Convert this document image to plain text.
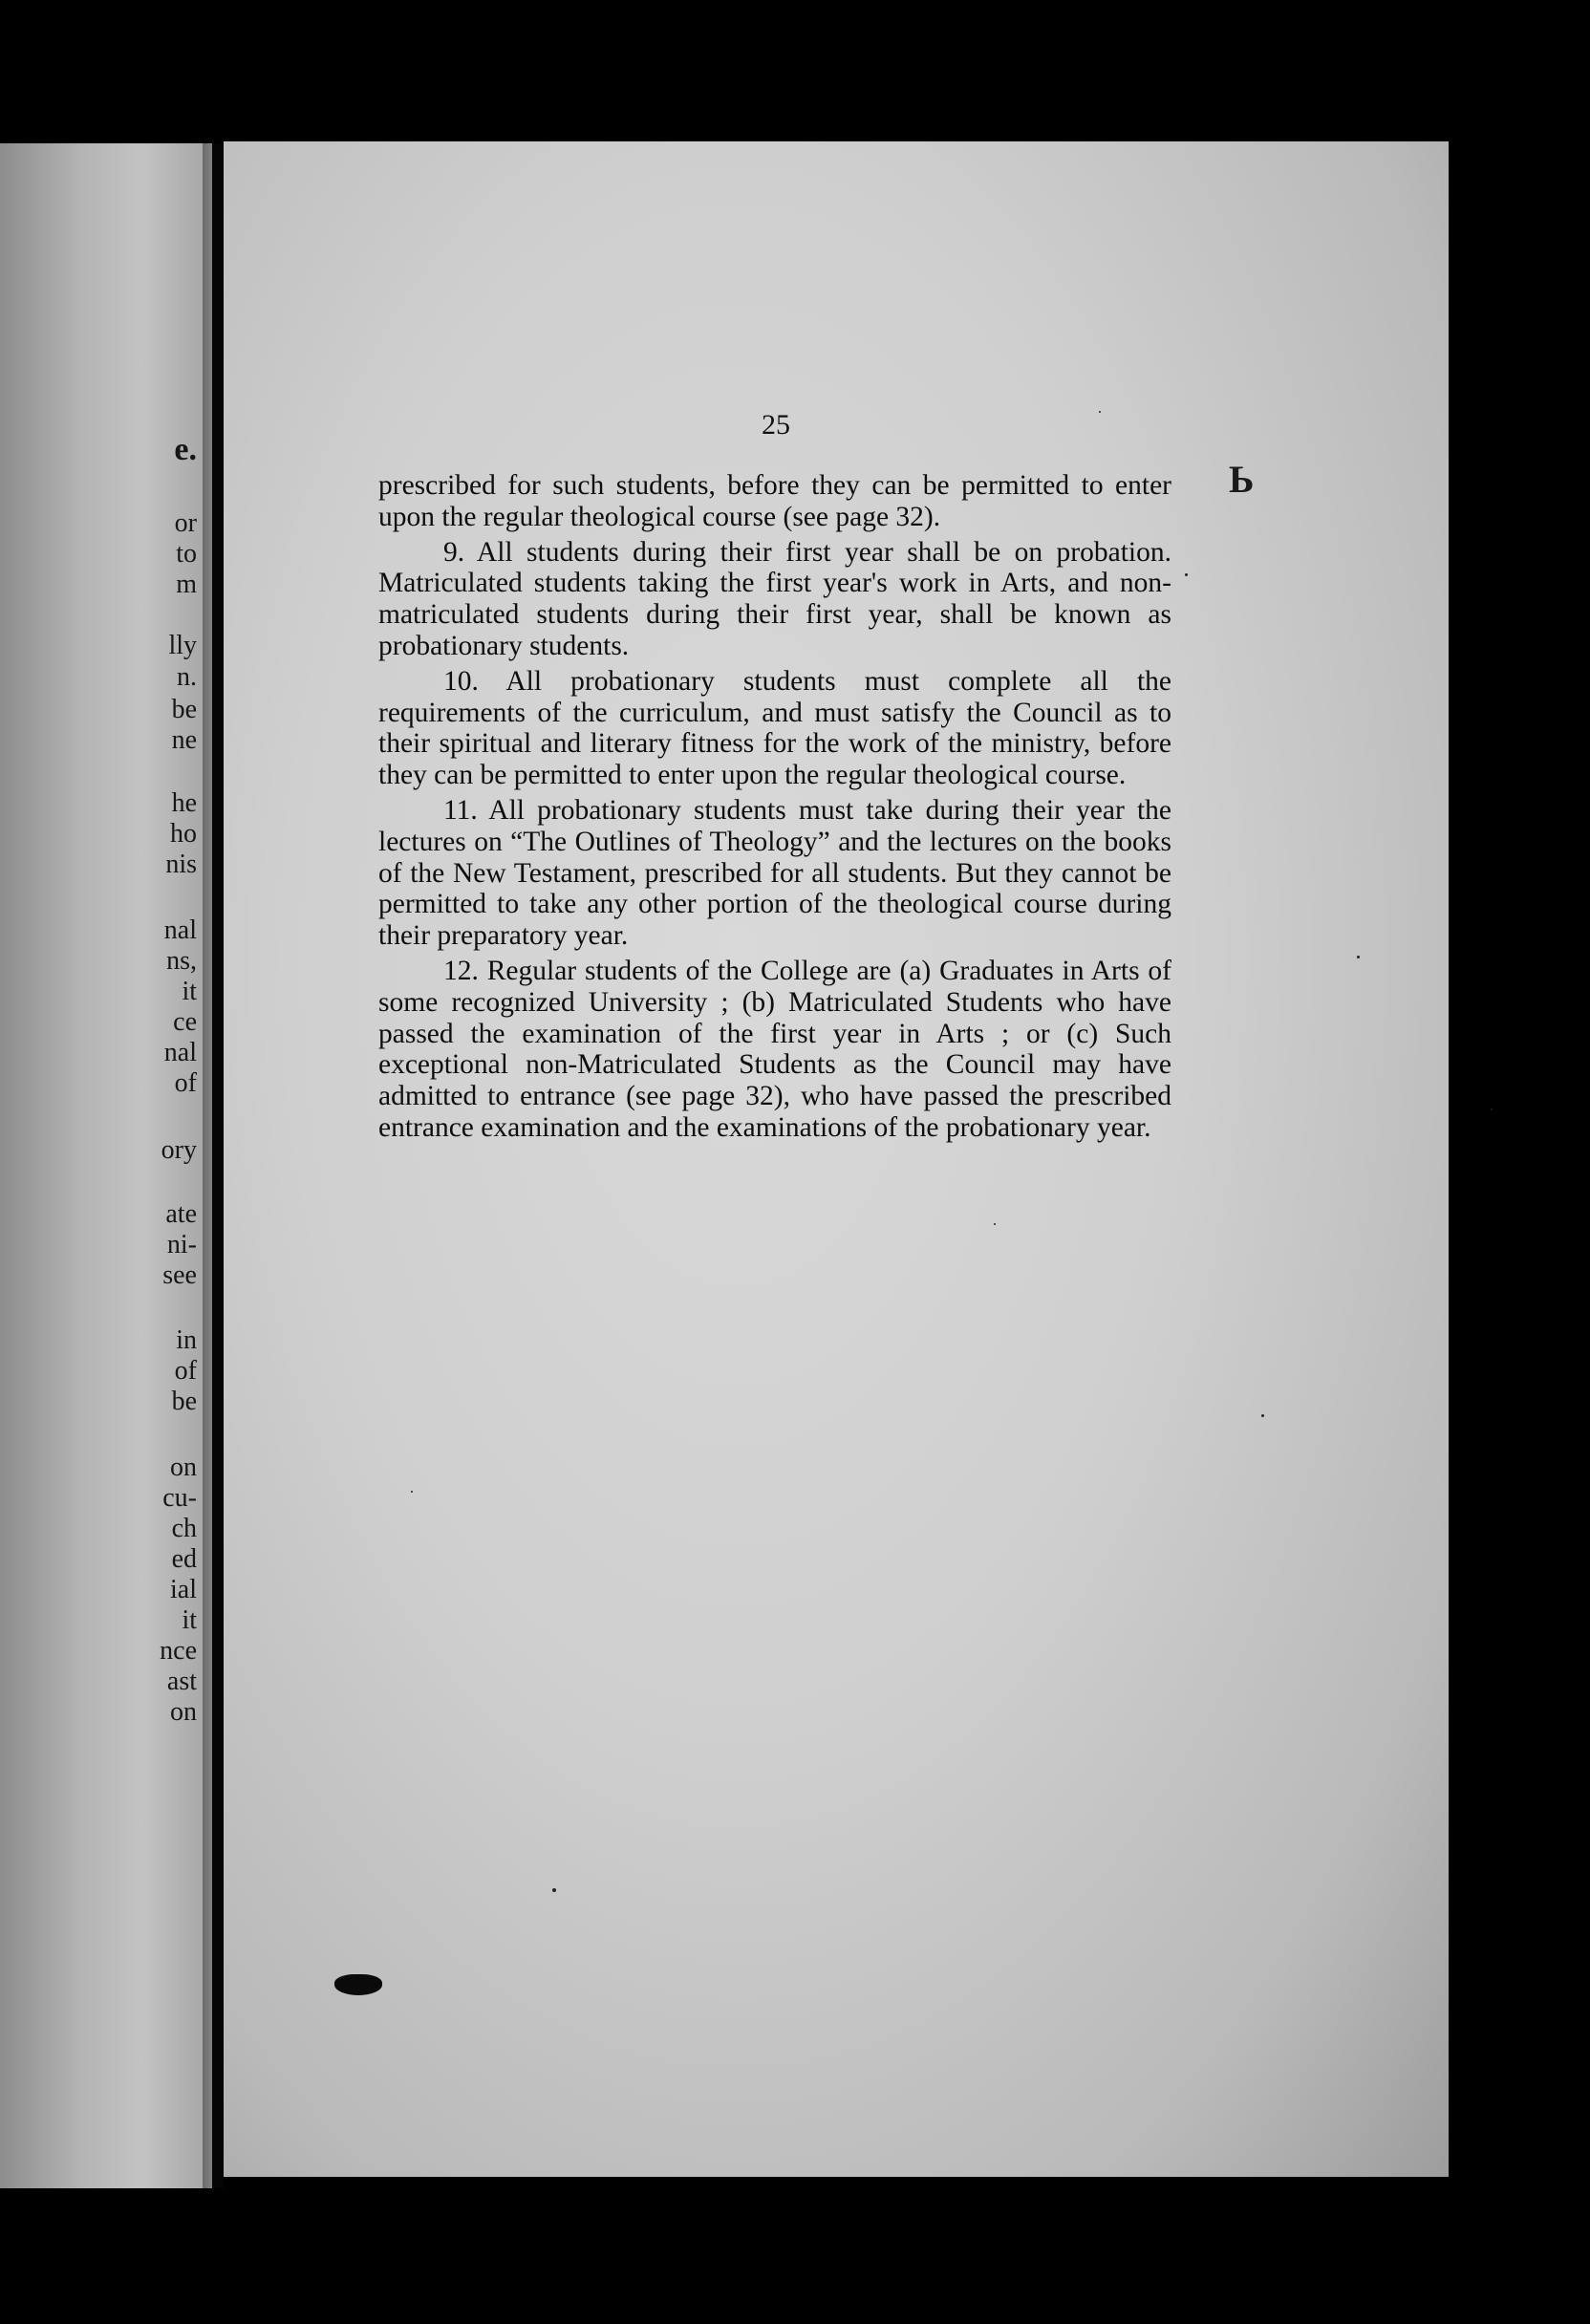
e.
or
to
m
lly
n.
be
ne
he
ho
nis
nal
ns,
it
ce
nal
of
ory
ate
ni-
see
in
of
be
on
cu-
ch
ed
ial
it
nce
ast
on
Ь
25

prescribed for such students, before they can be permitted to enter upon the regular theological course (see page 32).

9. All students during their first year shall be on probation. Matriculated students taking the first year's work in Arts, and non-matriculated students during their first year, shall be known as probationary students.

10. All probationary students must complete all the requirements of the curriculum, and must satisfy the Council as to their spiritual and literary fitness for the work of the ministry, before they can be permitted to enter upon the regular theological course.

11. All probationary students must take during their year the lectures on “The Outlines of Theology” and the lectures on the books of the New Testament, prescribed for all students. But they cannot be permitted to take any other portion of the theological course during their preparatory year.

12. Regular students of the College are (a) Graduates in Arts of some recognized University ; (b) Matriculated Students who have passed the examination of the first year in Arts ; or (c) Such exceptional non-Matriculated Students as the Council may have admitted to entrance (see page 32), who have passed the prescribed entrance examination and the examinations of the probationary year.
